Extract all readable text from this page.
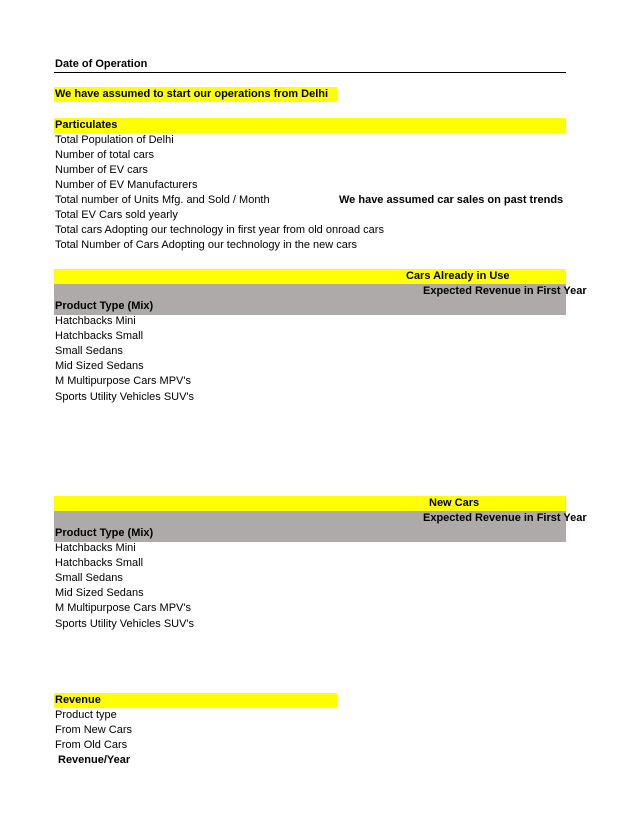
Date of Operation
We have assumed to start our operations from Delhi
Particulates
Total Population of Delhi
Number of total cars
Number of EV cars
Number of EV Manufacturers
Total number of Units Mfg. and Sold / Month	We have assumed car sales on past trends
Total EV Cars sold yearly
Total cars Adopting our technology in first year from old onroad cars
Total Number of Cars Adopting our technology in the new cars
Cars Already in Use
Expected Revenue in First Year
Product Type (Mix)
Hatchbacks Mini
Hatchbacks Small
Small Sedans
Mid Sized Sedans
M Multipurpose Cars MPV's
Sports Utility Vehicles SUV's
New Cars
Expected Revenue in First Year
Product Type (Mix)
Hatchbacks Mini
Hatchbacks Small
Small Sedans
Mid Sized Sedans
M Multipurpose Cars MPV's
Sports Utility Vehicles SUV's
Revenue
Product type
From New Cars
From Old Cars
Revenue/Year
